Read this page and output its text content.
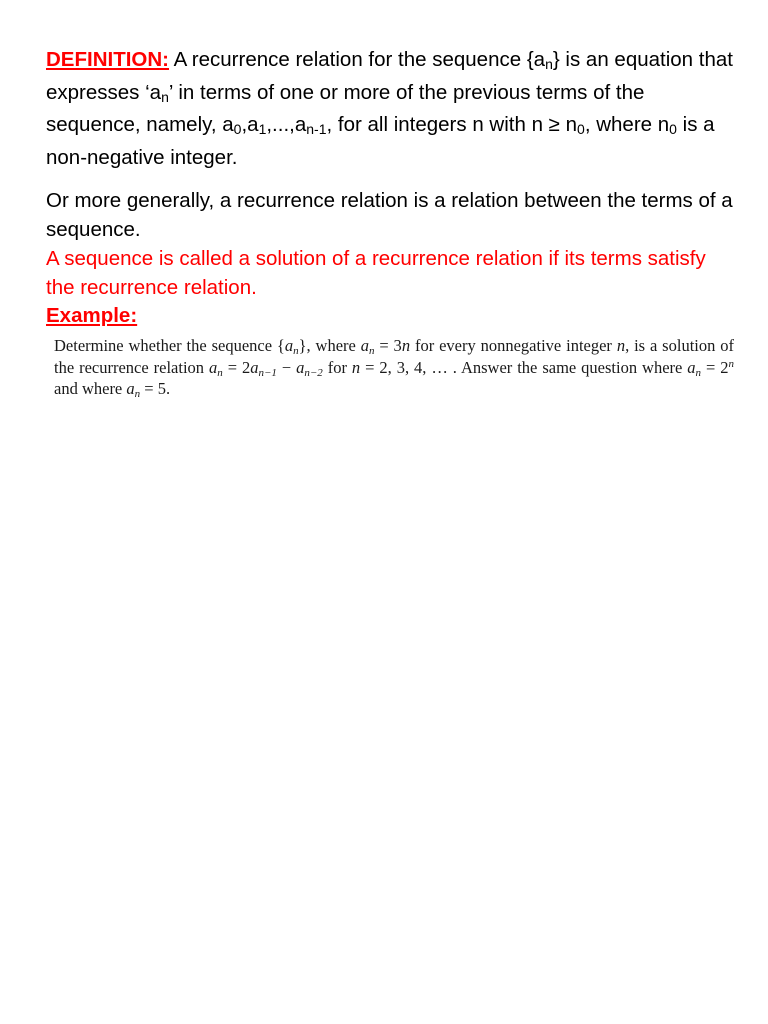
DEFINITION: A recurrence relation for the sequence $\{a_n\}$ is an equation that expresses ‘$a_n$’ in terms of one or more of the previous terms of the sequence, namely, $a_0,a_1,...,a_{n-1}$, for all integers n with $n \ge n_0$, where $n_0$ is a non-negative integer.

Or more generally, a recurrence relation is a relation between the terms of a sequence.

A sequence is called a solution of a recurrence relation if its terms satisfy the recurrence relation.

Example:

Determine whether the sequence {an}, where an = 3n for every nonnegative integer n, is a solution of the recurrence relation an = 2an−1 − an−2 for n = 2, 3, 4, … . Answer the same question where an = $2^n$ and where an = 5.
